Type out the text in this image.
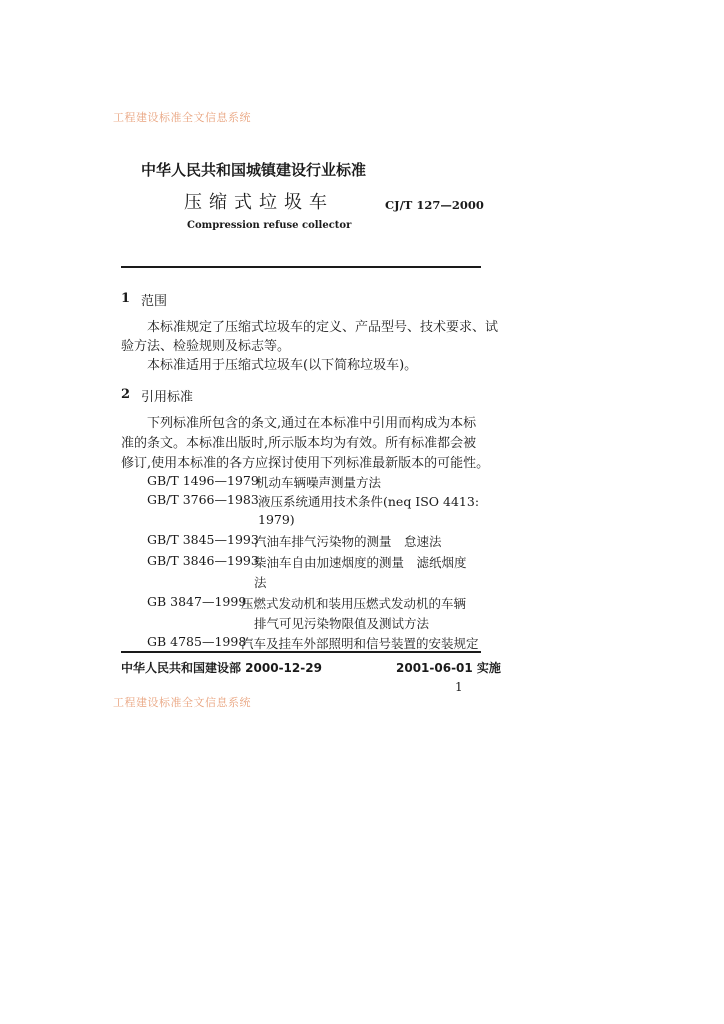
工程建设标准全文信息系统
工程建设标准全文信息系统
中华人民共和国城镇建设行业标准
压缩式垃圾车	CJ/T 127—2000
Compression refuse collector
1 范围
本标准规定了压缩式垃圾车的定义、产品型号、技术要求、试
验方法、检验规则及标志等。
本标准适用于压缩式垃圾车(以下简称垃圾车)。
2 引用标准
下列标准所包含的条文,通过在本标准中引用而构成为本标
准的条文。本标准出版时,所示版本均为有效。所有标准都会被
修订,使用本标准的各方应探讨使用下列标准最新版本的可能性。
GB/T 1496—1979
机动车辆噪声测量方法
GB/T 3766—1983 液压系统通用技术条件(neq ISO 4413:
1979)
GB/T 3845—1993
汽油车排气污染物的测量　怠速法
GB/T 3846—1993
柴油车自由加速烟度的测量　滤纸烟度
法
GB 3847—1999
压燃式发动机和装用压燃式发动机的车辆
排气可见污染物限值及测试方法
GB 4785—1998
汽车及挂车外部照明和信号装置的安装规定
中华人民共和国建设部 2000-12-29	2001-06-01 实施
1
